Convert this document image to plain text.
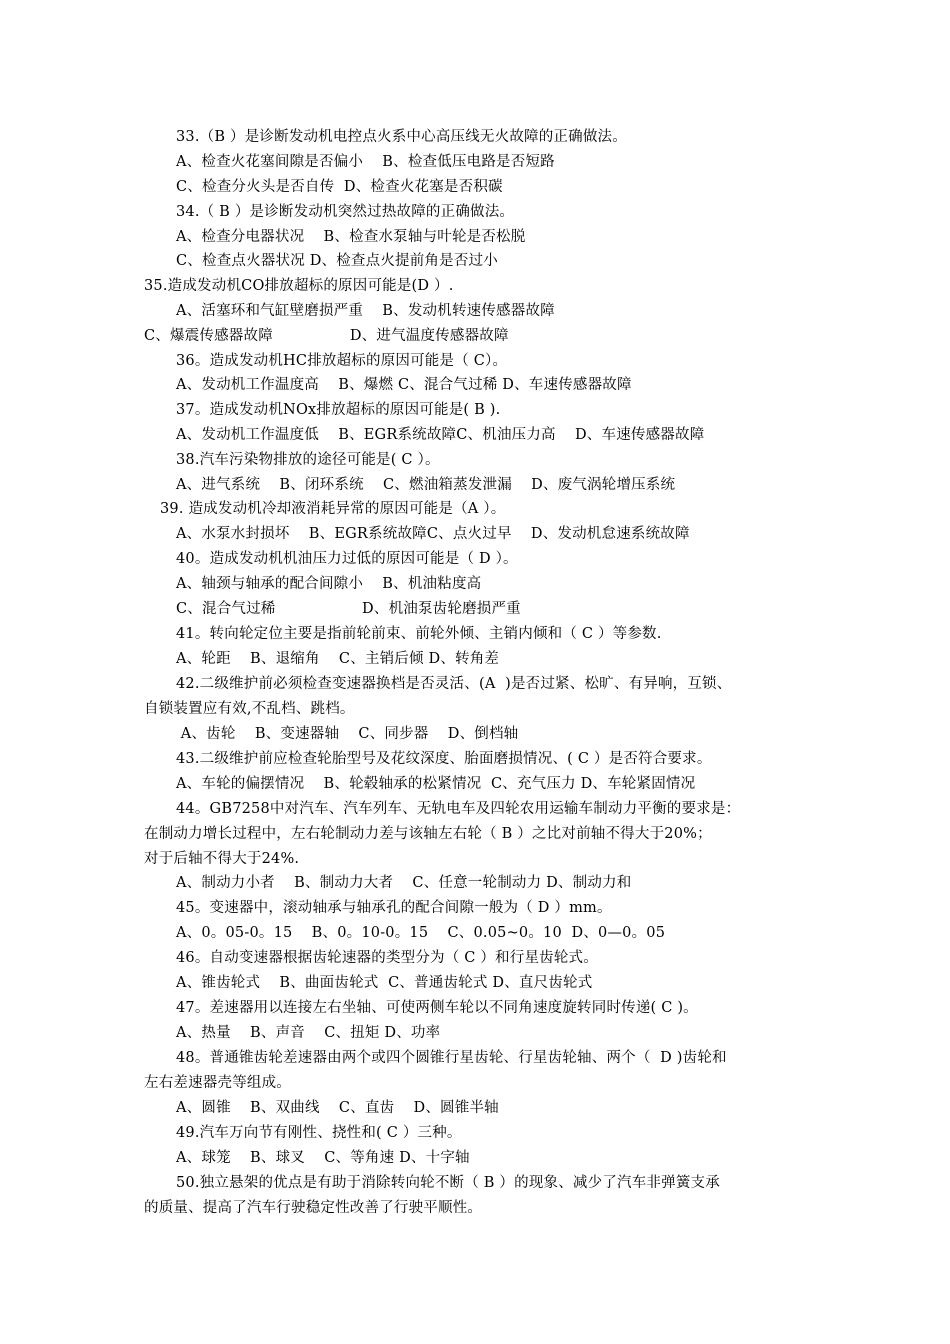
33.（B ）是诊断发动机电控点火系中心高压线无火故障的正确做法。
A、检查火花塞间隙是否偏小    B、检查低压电路是否短路
C、检查分火头是否自传  D、检查火花塞是否积碳
34.（ B ）是诊断发动机突然过热故障的正确做法。
A、检查分电器状况    B、检查水泵轴与叶轮是否松脱
C、检查点火器状况 D、检查点火提前角是否过小
35.造成发动机CO排放超标的原因可能是(D ）.
A、活塞环和气缸壁磨损严重    B、发动机转速传感器故障
C、爆震传感器故障                D、进气温度传感器故障
36。造成发动机HC排放超标的原因可能是（ C）。
A、发动机工作温度高    B、爆燃 C、混合气过稀 D、车速传感器故障
37。造成发动机NOx排放超标的原因可能是( B ).
A、发动机工作温度低    B、EGR系统故障C、机油压力高    D、车速传感器故障
38.汽车污染物排放的途径可能是( C ）。
A、进气系统    B、闭环系统    C、燃油箱蒸发泄漏    D、废气涡轮增压系统
39. 造成发动机冷却液消耗异常的原因可能是（A ）。
A、水泵水封损坏    B、EGR系统故障C、点火过早    D、发动机怠速系统故障
40。造成发动机机油压力过低的原因可能是（ D ）。
A、轴颈与轴承的配合间隙小    B、机油粘度高
C、混合气过稀                  D、机油泵齿轮磨损严重
41。转向轮定位主要是指前轮前束、前轮外倾、主销内倾和（ C ）等参数.
A、轮距    B、退缩角    C、主销后倾 D、转角差
42.二级维护前必须检查变速器换档是否灵活、(A  )是否过紧、松旷、有异响，互锁、
自锁装置应有效,不乱档、跳档。
A、齿轮    B、变速器轴    C、同步器    D、倒档轴
43.二级维护前应检查轮胎型号及花纹深度、胎面磨损情况、( C ）是否符合要求。
A、车轮的偏摆情况    B、轮毂轴承的松紧情况  C、充气压力 D、车轮紧固情况
44。GB7258中对汽车、汽车列车、无轨电车及四轮农用运输车制动力平衡的要求是：
在制动力增长过程中，左右轮制动力差与该轴左右轮（ B ）之比对前轴不得大于20%；
对于后轴不得大于24%.
A、制动力小者    B、制动力大者    C、任意一轮制动力 D、制动力和
45。变速器中，滚动轴承与轴承孔的配合间隙一般为（ D ）mm。
A、0。05-0。15    B、0。10-0。15    C、0.05~0。10  D、0—0。05
46。自动变速器根据齿轮速器的类型分为（ C ）和行星齿轮式。
A、锥齿轮式    B、曲面齿轮式  C、普通齿轮式 D、直尺齿轮式
47。差速器用以连接左右坐轴、可使两侧车轮以不同角速度旋转同时传递( C )。
A、热量    B、声音    C、扭矩 D、功率
48。普通锥齿轮差速器由两个或四个圆锥行星齿轮、行星齿轮轴、两个（  D )齿轮和
左右差速器壳等组成。
A、圆锥    B、双曲线    C、直齿    D、圆锥半轴
49.汽车万向节有刚性、挠性和( C ）三种。
A、球笼    B、球叉    C、等角速 D、十字轴
50.独立悬架的优点是有助于消除转向轮不断（ B ）的现象、减少了汽车非弹簧支承
的质量、提高了汽车行驶稳定性改善了行驶平顺性。
